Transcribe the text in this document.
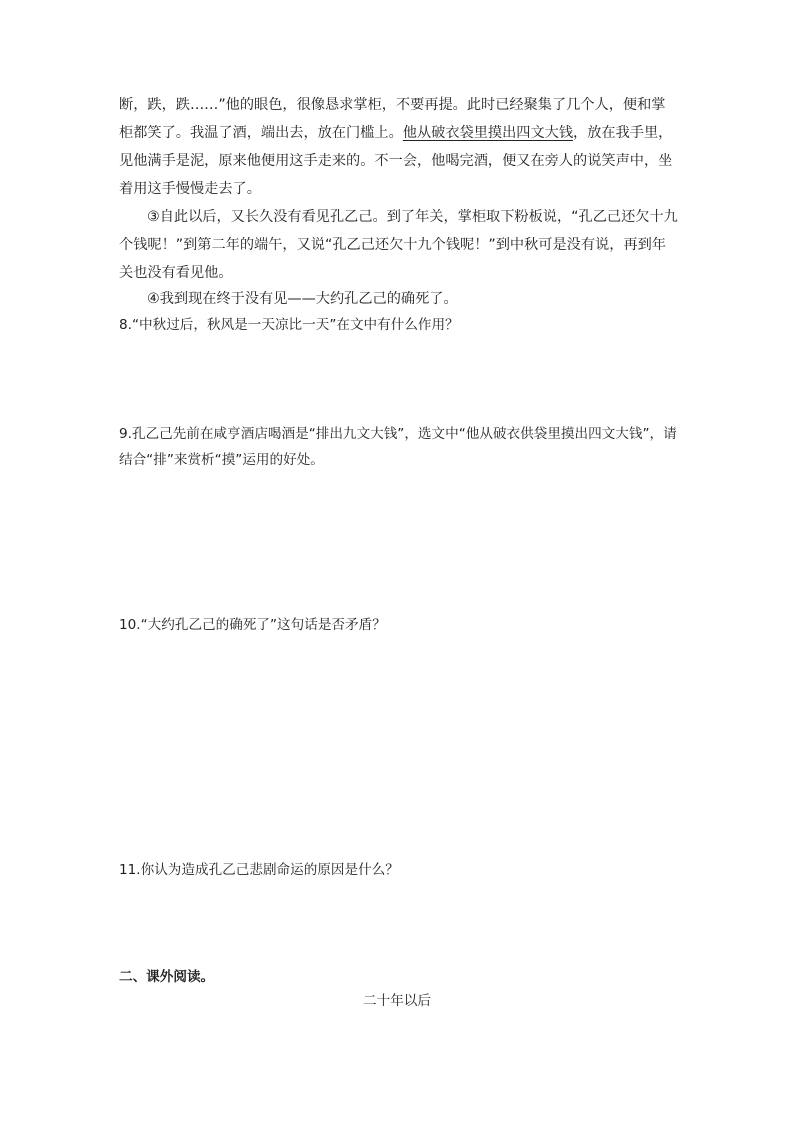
断，跌，跌……”他的眼色，很像恳求掌柜，不要再提。此时已经聚集了几个人，便和掌柜都笑了。我温了酒，端出去，放在门槛上。他从破衣袋里摸出四文大钱，放在我手里，见他满手是泥，原来他便用这手走来的。不一会，他喝完酒，便又在旁人的说笑声中，坐着用这手慢慢走去了。

③自此以后，又长久没有看见孔乙己。到了年关，掌柜取下粉板说，“孔乙己还欠十九个钱呢！”到第二年的端午，又说“孔乙己还欠十九个钱呢！”到中秋可是没有说，再到年关也没有看见他。

④我到现在终于没有见——大约孔乙己的确死了。

8.“中秋过后，秋风是一天凉比一天”在文中有什么作用？

9.孔乙己先前在咸亨酒店喝酒是“排出九文大钱”，选文中“他从破衣供袋里摸出四文大钱”，请结合“排”来赏析“摸”运用的好处。

10.“大约孔乙己的确死了”这句话是否矛盾？

11.你认为造成孔乙己悲剧命运的原因是什么？

二、课外阅读。

二十年以后
